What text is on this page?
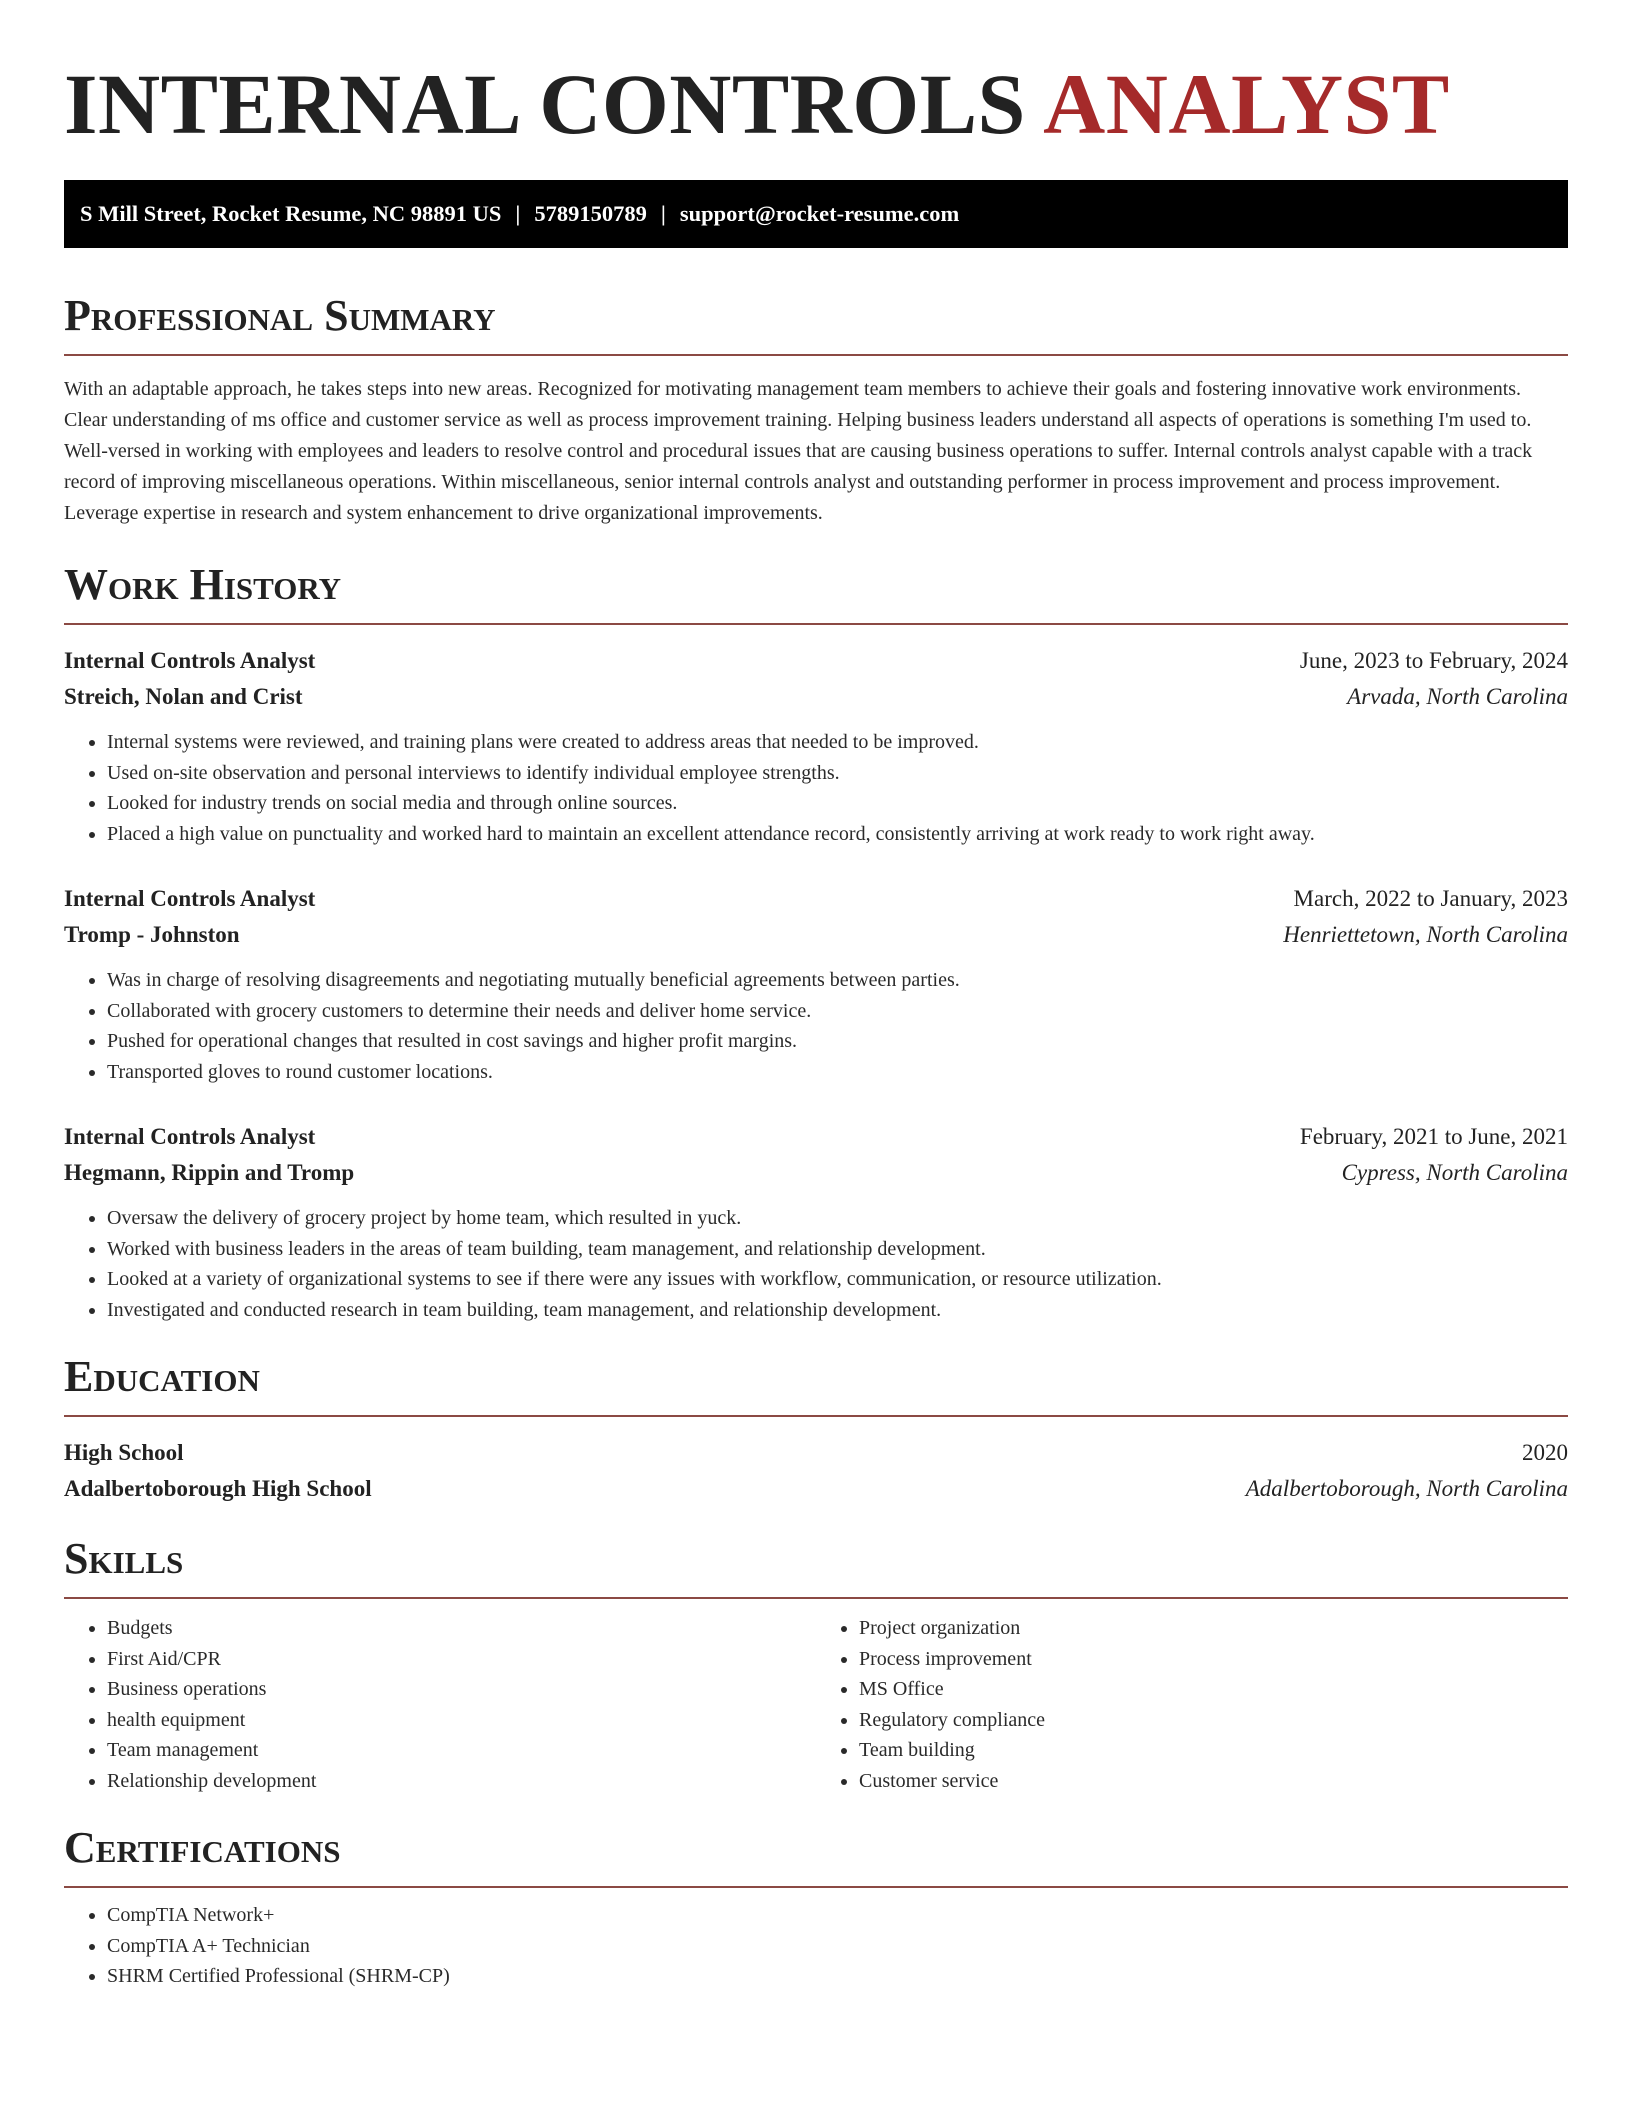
INTERNAL CONTROLS ANALYST
S Mill Street, Rocket Resume, NC 98891 US | 5789150789 | support@rocket-resume.com
Professional Summary

With an adaptable approach, he takes steps into new areas. Recognized for motivating management team members to achieve their goals and fostering innovative work environments. Clear understanding of ms office and customer service as well as process improvement training. Helping business leaders understand all aspects of operations is something I'm used to. Well-versed in working with employees and leaders to resolve control and procedural issues that are causing business operations to suffer. Internal controls analyst capable with a track record of improving miscellaneous operations. Within miscellaneous, senior internal controls analyst and outstanding performer in process improvement and process improvement. Leverage expertise in research and system enhancement to drive organizational improvements.

Work History
Internal Controls Analyst	June, 2023 to February, 2024
Streich, Nolan and Crist	Arvada, North Carolina
• Internal systems were reviewed, and training plans were created to address areas that needed to be improved.
• Used on-site observation and personal interviews to identify individual employee strengths.
• Looked for industry trends on social media and through online sources.
• Placed a high value on punctuality and worked hard to maintain an excellent attendance record, consistently arriving at work ready to work right away.
Internal Controls Analyst	March, 2022 to January, 2023
Tromp - Johnston	Henriettetown, North Carolina
• Was in charge of resolving disagreements and negotiating mutually beneficial agreements between parties.
• Collaborated with grocery customers to determine their needs and deliver home service.
• Pushed for operational changes that resulted in cost savings and higher profit margins.
• Transported gloves to round customer locations.
Internal Controls Analyst	February, 2021 to June, 2021
Hegmann, Rippin and Tromp	Cypress, North Carolina
• Oversaw the delivery of grocery project by home team, which resulted in yuck.
• Worked with business leaders in the areas of team building, team management, and relationship development.
• Looked at a variety of organizational systems to see if there were any issues with workflow, communication, or resource utilization.
• Investigated and conducted research in team building, team management, and relationship development.
Education
High School	2020
Adalbertoborough High School	Adalbertoborough, North Carolina
Skills
• Budgets
• First Aid/CPR
• Business operations
• health equipment
• Team management
• Relationship development
• Project organization
• Process improvement
• MS Office
• Regulatory compliance
• Team building
• Customer service
Certifications
• CompTIA Network+
• CompTIA A+ Technician
• SHRM Certified Professional (SHRM-CP)
